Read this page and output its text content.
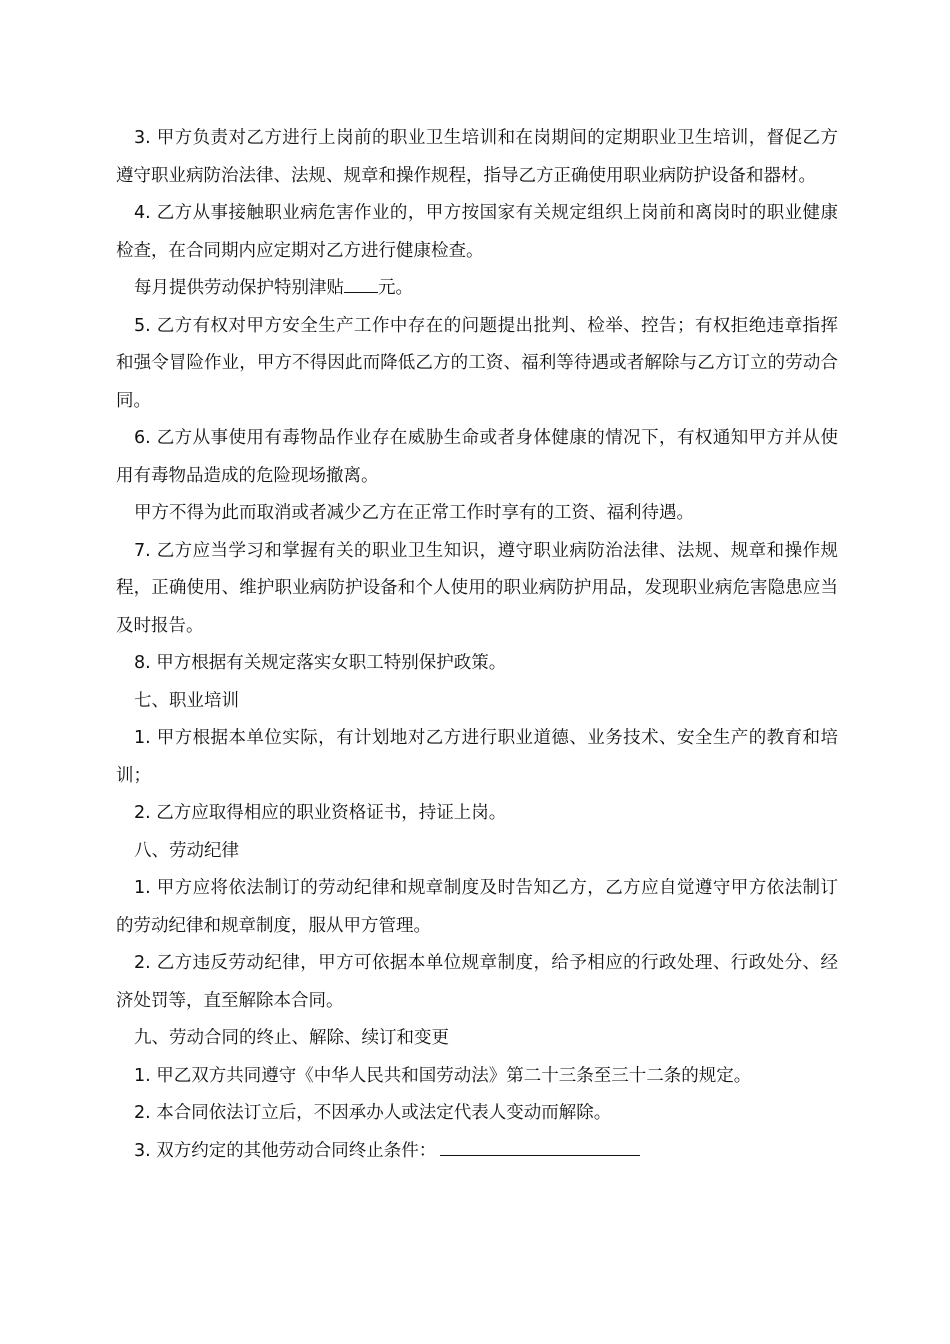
3. 甲方负责对乙方进行上岗前的职业卫生培训和在岗期间的定期职业卫生培训，督促乙方遵守职业病防治法律、法规、规章和操作规程，指导乙方正确使用职业病防护设备和器材。

4. 乙方从事接触职业病危害作业的，甲方按国家有关规定组织上岗前和离岗时的职业健康检查，在合同期内应定期对乙方进行健康检查。

每月提供劳动保护特别津贴 元。

5. 乙方有权对甲方安全生产工作中存在的问题提出批判、检举、控告；有权拒绝违章指挥和强令冒险作业，甲方不得因此而降低乙方的工资、福利等待遇或者解除与乙方订立的劳动合同。

6. 乙方从事使用有毒物品作业存在威胁生命或者身体健康的情况下，有权通知甲方并从使用有毒物品造成的危险现场撤离。

甲方不得为此而取消或者减少乙方在正常工作时享有的工资、福利待遇。

7. 乙方应当学习和掌握有关的职业卫生知识，遵守职业病防治法律、法规、规章和操作规程，正确使用、维护职业病防护设备和个人使用的职业病防护用品，发现职业病危害隐患应当及时报告。

8. 甲方根据有关规定落实女职工特别保护政策。

七、职业培训

1. 甲方根据本单位实际，有计划地对乙方进行职业道德、业务技术、安全生产的教育和培训；

2. 乙方应取得相应的职业资格证书，持证上岗。

八、劳动纪律

1. 甲方应将依法制订的劳动纪律和规章制度及时告知乙方，乙方应自觉遵守甲方依法制订的劳动纪律和规章制度，服从甲方管理。

2. 乙方违反劳动纪律，甲方可依据本单位规章制度，给予相应的行政处理、行政处分、经济处罚等，直至解除本合同。

九、劳动合同的终止、解除、续订和变更

1. 甲乙双方共同遵守《中华人民共和国劳动法》第二十三条至三十二条的规定。

2. 本合同依法订立后，不因承办人或法定代表人变动而解除。

3. 双方约定的其他劳动合同终止条件：
